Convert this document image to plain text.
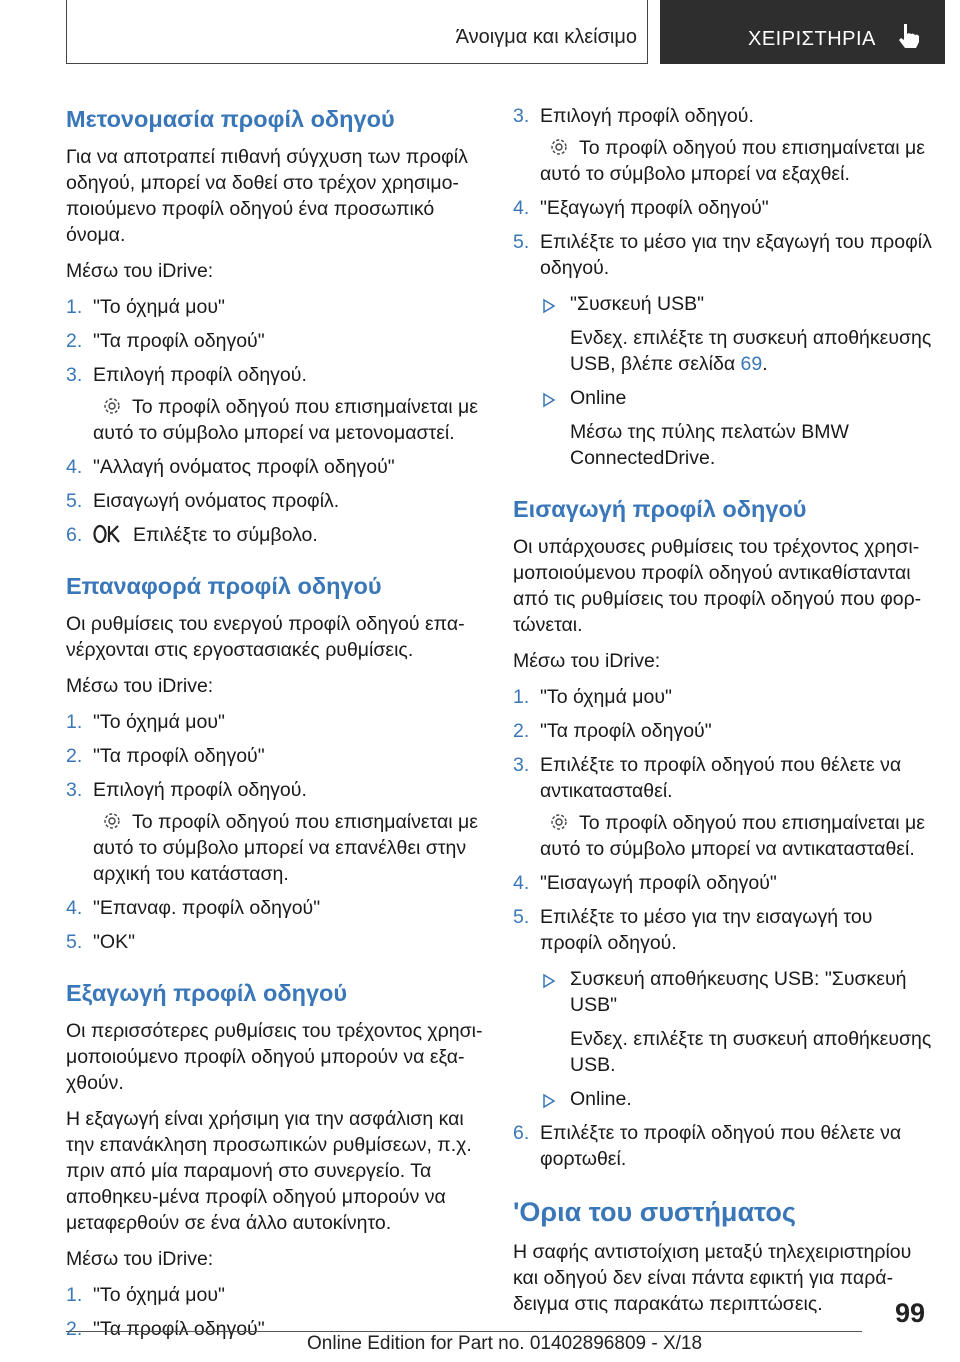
Άνοιγμα και κλείσιμο	ΧΕΙΡΙΣΤΗΡΙΑ
Μετονομασία προφίλ οδηγού

Για να αποτραπεί πιθανή σύγχυση των προφίλ οδηγού, μπορεί να δοθεί στο τρέχον χρησιμο‐ποιούμενο προφίλ οδηγού ένα προσωπικό όνομα.

Μέσω του iDrive:

1. "Το όχημά μου"
2. "Τα προφίλ οδηγού"
3. Επιλογή προφίλ οδηγού.
Το προφίλ οδηγού που επισημαίνεται με αυτό το σύμβολο μπορεί να μετονομαστεί.
4. "Αλλαγή ονόματος προφίλ οδηγού"
5. Εισαγωγή ονόματος προφίλ.
6.	Επιλέξτε το σύμβολο.
Επαναφορά προφίλ οδηγού

Οι ρυθμίσεις του ενεργού προφίλ οδηγού επα‐νέρχονται στις εργοστασιακές ρυθμίσεις.

Μέσω του iDrive:

1. "Το όχημά μου"
2. "Τα προφίλ οδηγού"
3. Επιλογή προφίλ οδηγού.
Το προφίλ οδηγού που επισημαίνεται με αυτό το σύμβολο μπορεί να επανέλθει στην αρχική του κατάσταση.
4. "Επαναφ. προφίλ οδηγού"
5. "OK"
Εξαγωγή προφίλ οδηγού

Οι περισσότερες ρυθμίσεις του τρέχοντος χρησι‐μοποιούμενο προφίλ οδηγού μπορούν να εξα‐χθούν.

Η εξαγωγή είναι χρήσιμη για την ασφάλιση και την επανάκληση προσωπικών ρυθμίσεων, π.χ. πριν από μία παραμονή στο συνεργείο. Τα αποθηκευ‐μένα προφίλ οδηγού μπορούν να μεταφερθούν σε ένα άλλο αυτοκίνητο.

Μέσω του iDrive:

1. "Το όχημά μου"
2. "Τα προφίλ οδηγού"
3. Επιλογή προφίλ οδηγού.
Το προφίλ οδηγού που επισημαίνεται με αυτό το σύμβολο μπορεί να εξαχθεί.
4. "Εξαγωγή προφίλ οδηγού"
5. Επιλέξτε το μέσο για την εξαγωγή του προφίλ οδηγού.
"Συσκευή USB"
Ενδεχ. επιλέξτε τη συσκευή αποθήκευσης USB, βλέπε σελίδα 69.
Online
Μέσω της πύλης πελατών BMW ConnectedDrive.
Εισαγωγή προφίλ οδηγού

Οι υπάρχουσες ρυθμίσεις του τρέχοντος χρησι‐μοποιούμενου προφίλ οδηγού αντικαθίστανται από τις ρυθμίσεις του προφίλ οδηγού που φορ‐τώνεται.

Μέσω του iDrive:

1. "Το όχημά μου"
2. "Τα προφίλ οδηγού"
3. Επιλέξτε το προφίλ οδηγού που θέλετε να αντικατασταθεί.
Το προφίλ οδηγού που επισημαίνεται με αυτό το σύμβολο μπορεί να αντικατασταθεί.
4. "Εισαγωγή προφίλ οδηγού"
5. Επιλέξτε το μέσο για την εισαγωγή του προφίλ οδηγού.
Συσκευή αποθήκευσης USB: "Συσκευή USB"
Ενδεχ. επιλέξτε τη συσκευή αποθήκευσης USB.
Online.
6. Επιλέξτε το προφίλ οδηγού που θέλετε να φορτωθεί.
'Ορια του συστήματος

Η σαφής αντιστοίχιση μεταξύ τηλεχειριστηρίου και οδηγού δεν είναι πάντα εφικτή για παρά‐δειγμα στις παρακάτω περιπτώσεις.	99
Online Edition for Part no. 01402896809 - X/18
